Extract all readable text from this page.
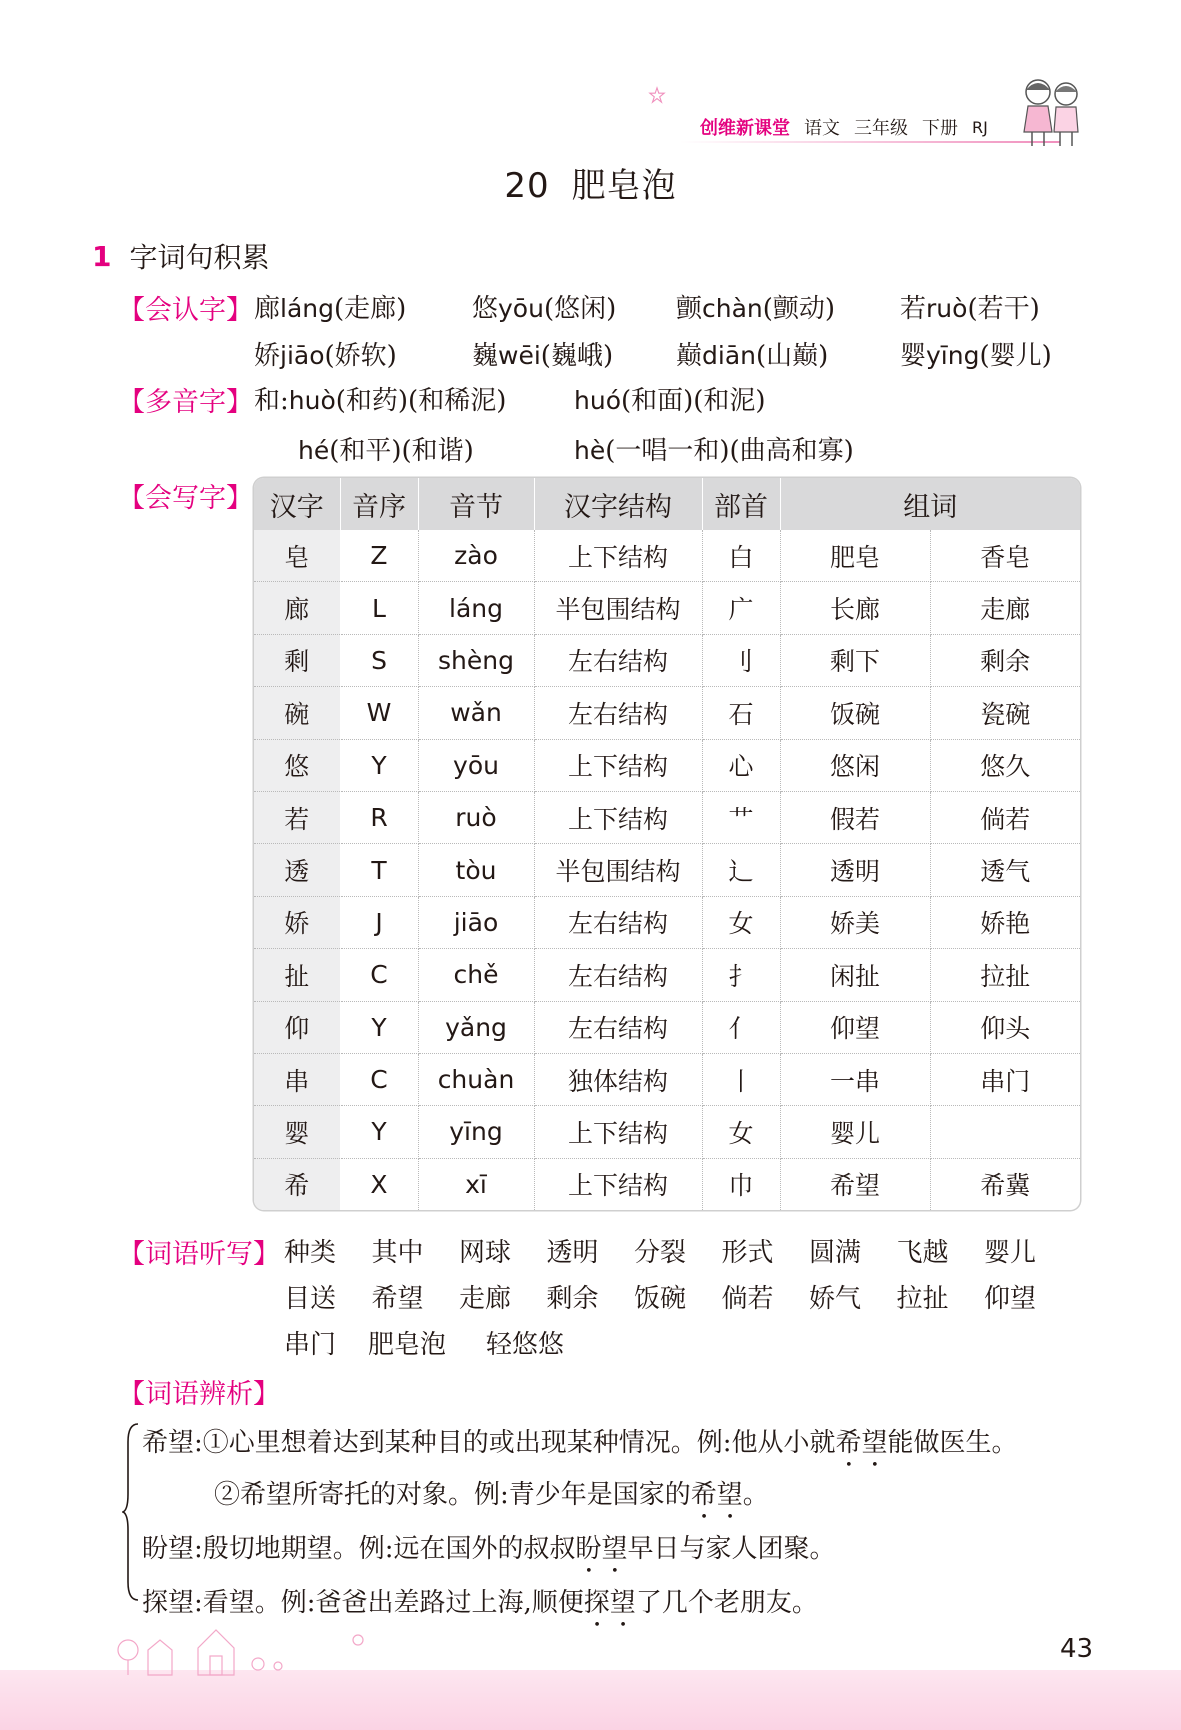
创维新课堂 语文 三年级 下册 RJ
20 肥皂泡
1 字词句积累
【会认字】 廊láng(走廊)	悠yōu(悠闲) 颤chàn(颤动) 若ruò(若干)
娇jiāo(娇软)	巍wēi(巍峨) 巅diān(山巅)	婴yīng(婴儿)
【多音字】 和:huò(和药)(和稀泥)	huó(和面)(和泥)
hé(和平)(和谐)	hè(一唱一和)(曲高和寡)
【会写字】 汉字	音序	音节	汉字结构	部首	组词	
皂	Z	zào	上下结构	白	肥皂	香皂
廊	L	láng	半包围结构	广	长廊	走廊
剩	S	shèng	左右结构	刂	剩下	剩余
碗	W	wǎn	左右结构	石	饭碗	瓷碗
悠	Y	yōu	上下结构	心	悠闲	悠久
若	R	ruò	上下结构	艹	假若	倘若
透	T	tòu	半包围结构	辶	透明	透气
娇	J	jiāo	左右结构	女	娇美	娇艳
扯	C	chě	左右结构	扌	闲扯	拉扯
仰	Y	yǎng	左右结构	亻	仰望	仰头
串	C	chuàn	独体结构	丨	一串	串门
婴	Y	yīng	上下结构	女	婴儿	
希	X	xī	上下结构	巾	希望	希冀
【词语听写】 种类 其中 网球 透明 分裂 形式 圆满 飞越 婴儿
目送 希望 走廊 剩余 饭碗 倘若 娇气 拉扯 仰望
串门 肥皂泡 轻悠悠
【词语辨析】
希望:①心里想着达到某种目的或出现某种情况。例:他从小就希望能做医生。
②希望所寄托的对象。例:青少年是国家的希望。
盼望:殷切地期望。例:远在国外的叔叔盼望早日与家人团聚。
探望:看望。例:爸爸出差路过上海,顺便探望了几个老朋友。
43
